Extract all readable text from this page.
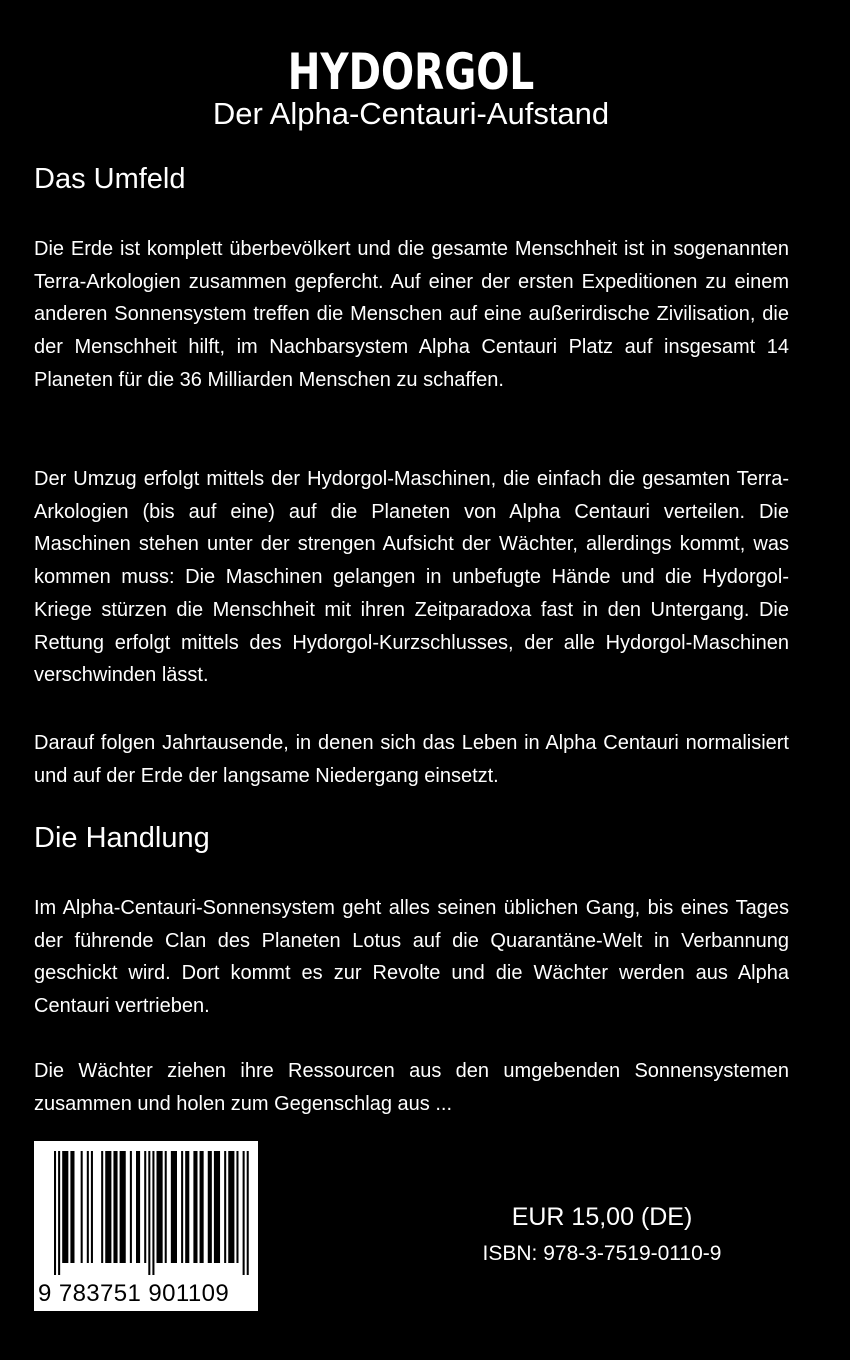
HYDORGOL
Der Alpha-Centauri-Aufstand
Das Umfeld
Die Erde ist komplett überbevölkert und die gesamte Menschheit ist in sogenannten Terra-Arkologien zusammen gepfercht. Auf einer der ersten Expeditionen zu einem anderen Sonnensystem treffen die Menschen auf eine außerirdische Zivilisation, die der Menschheit hilft, im Nachbarsystem Alpha Centauri Platz auf insgesamt 14 Planeten für die 36 Milliarden Menschen zu schaffen.
Der Umzug erfolgt mittels der Hydorgol-Maschinen, die einfach die gesamten Terra-Arkologien (bis auf eine) auf die Planeten von Alpha Centauri verteilen. Die Maschinen stehen unter der strengen Aufsicht der Wächter, allerdings kommt, was kommen muss: Die Maschinen gelangen in unbefugte Hände und die Hydorgol-Kriege stürzen die Menschheit mit ihren Zeitparadoxa fast in den Untergang. Die Rettung erfolgt mittels des Hydorgol-Kurzschlusses, der alle Hydorgol-Maschinen verschwinden lässt.
Darauf folgen Jahrtausende, in denen sich das Leben in Alpha Centauri normalisiert und auf der Erde der langsame Niedergang einsetzt.
Die Handlung
Im Alpha-Centauri-Sonnensystem geht alles seinen üblichen Gang, bis eines Tages der führende Clan des Planeten Lotus auf die Quarantäne-Welt in Verbannung geschickt wird. Dort kommt es zur Revolte und die Wächter werden aus Alpha Centauri vertrieben.
Die Wächter ziehen ihre Ressourcen aus den umgebenden Sonnensystemen zusammen und holen zum Gegenschlag aus ...
9 783751 901109
EUR 15,00 (DE)
ISBN: 978-3-7519-0110-9
